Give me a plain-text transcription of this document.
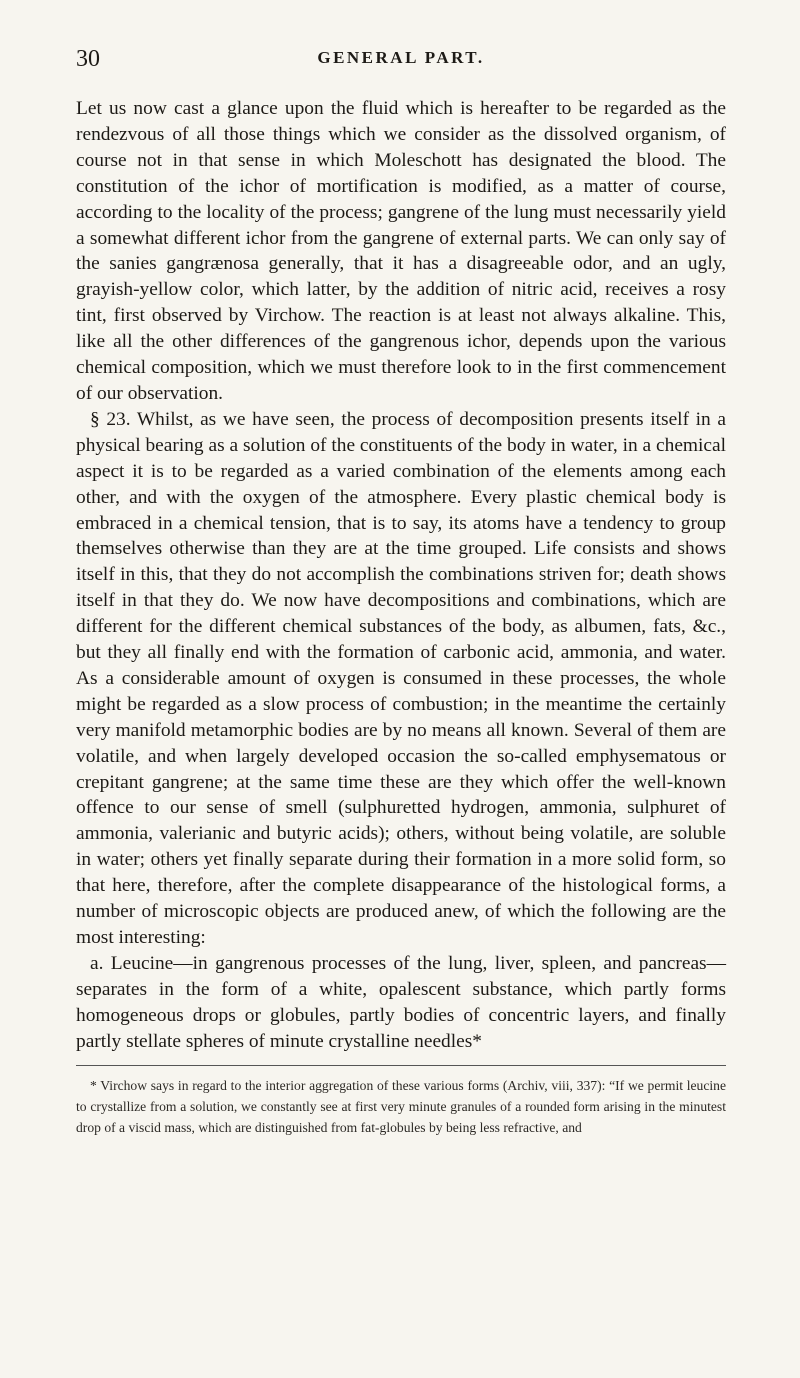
30	GENERAL PART.

Let us now cast a glance upon the fluid which is hereafter to be regarded as the rendezvous of all those things which we consider as the dissolved organism, of course not in that sense in which Moleschott has designated the blood. The constitution of the ichor of mortification is modified, as a matter of course, according to the locality of the process; gangrene of the lung must necessarily yield a somewhat different ichor from the gangrene of external parts. We can only say of the sanies gangrænosa generally, that it has a disagreeable odor, and an ugly, grayish-yellow color, which latter, by the addition of nitric acid, receives a rosy tint, first observed by Virchow. The reaction is at least not always alkaline. This, like all the other differences of the gangrenous ichor, depends upon the various chemical composition, which we must therefore look to in the first commencement of our observation.

§ 23. Whilst, as we have seen, the process of decomposition presents itself in a physical bearing as a solution of the constituents of the body in water, in a chemical aspect it is to be regarded as a varied combination of the elements among each other, and with the oxygen of the atmosphere. Every plastic chemical body is embraced in a chemical tension, that is to say, its atoms have a tendency to group themselves otherwise than they are at the time grouped. Life consists and shows itself in this, that they do not accomplish the combinations striven for; death shows itself in that they do. We now have decompositions and combinations, which are different for the different chemical substances of the body, as albumen, fats, &c., but they all finally end with the formation of carbonic acid, ammonia, and water. As a considerable amount of oxygen is consumed in these processes, the whole might be regarded as a slow process of combustion; in the meantime the certainly very manifold metamorphic bodies are by no means all known. Several of them are volatile, and when largely developed occasion the so-called emphysematous or crepitant gangrene; at the same time these are they which offer the well-known offence to our sense of smell (sulphuretted hydrogen, ammonia, sulphuret of ammonia, valerianic and butyric acids); others, without being volatile, are soluble in water; others yet finally separate during their formation in a more solid form, so that here, therefore, after the complete disappearance of the histological forms, a number of microscopic objects are produced anew, of which the following are the most interesting:

a. Leucine—in gangrenous processes of the lung, liver, spleen, and pancreas—separates in the form of a white, opalescent substance, which partly forms homogeneous drops or globules, partly bodies of concentric layers, and finally partly stellate spheres of minute crystalline needles*

* Virchow says in regard to the interior aggregation of these various forms (Archiv, viii, 337): “If we permit leucine to crystallize from a solution, we constantly see at first very minute granules of a rounded form arising in the minutest drop of a viscid mass, which are distinguished from fat-globules by being less refractive, and
